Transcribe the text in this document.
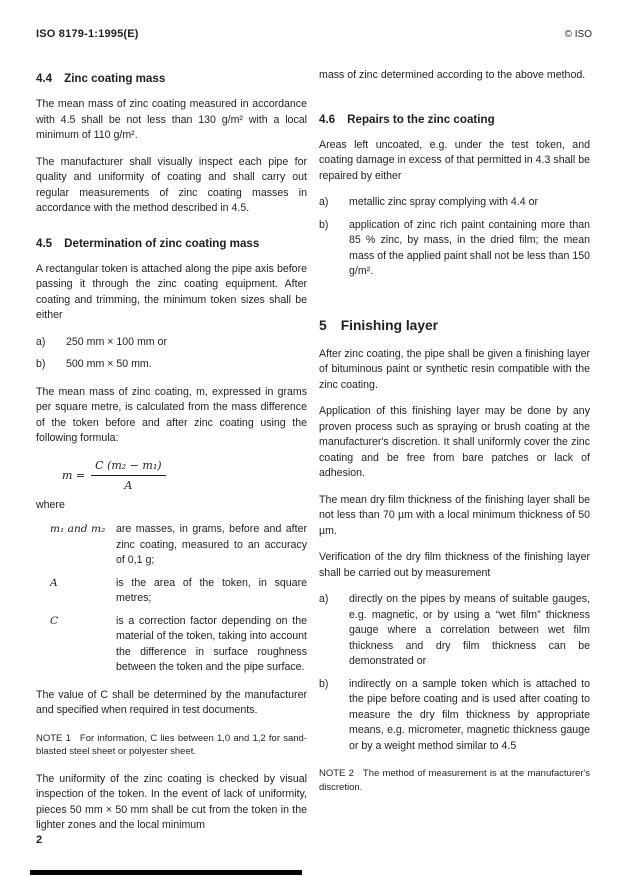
ISO 8179-1:1995(E)	© ISO
4.4 Zinc coating mass

The mean mass of zinc coating measured in accordance with 4.5 shall be not less than 130 g/m² with a local minimum of 110 g/m².

The manufacturer shall visually inspect each pipe for quality and uniformity of coating and shall carry out regular measurements of zinc coating masses in accordance with the method described in 4.5.

4.5 Determination of zinc coating mass

A rectangular token is attached along the pipe axis before passing it through the zinc coating equipment. After coating and trimming, the minimum token sizes shall be either

a) 250 mm × 100 mm or
b) 500 mm × 50 mm.

The mean mass of zinc coating, m, expressed in grams per square metre, is calculated from the mass difference of the token before and after zinc coating using the following formula:

$m = \frac{\text{C (m₂ − m₁)}}{A}$

where

m₁ and m₂	are masses, in grams, before and after zinc coating, measured to an accuracy of 0,1 g;
A	is the area of the token, in square metres;
C	is a correction factor depending on the material of the token, taking into account the difference in surface roughness between the token and the pipe surface.

The value of C shall be determined by the manufacturer and specified when required in test documents.

NOTE 1 For information, C lies between 1,0 and 1,2 for sand-blasted steel sheet or polyester sheet.

The uniformity of the zinc coating is checked by visual inspection of the token. In the event of lack of uniformity, pieces 50 mm × 50 mm shall be cut from the token in the lighter zones and the local minimum

mass of zinc determined according to the above method.

4.6 Repairs to the zinc coating

Areas left uncoated, e.g. under the test token, and coating damage in excess of that permitted in 4.3 shall be repaired by either

a) metallic zinc spray complying with 4.4 or
b) application of zinc rich paint containing more than 85 % zinc, by mass, in the dried film; the mean mass of the applied paint shall not be less than 150 g/m².
5 Finishing layer

After zinc coating, the pipe shall be given a finishing layer of bituminous paint or synthetic resin compatible with the zinc coating.

Application of this finishing layer may be done by any proven process such as spraying or brush coating at the manufacturer's discretion. It shall uniformly cover the zinc coating and be free from bare patches or lack of adhesion.

The mean dry film thickness of the finishing layer shall be not less than 70 µm with a local minimum thickness of 50 µm.

Verification of the dry film thickness of the finishing layer shall be carried out by measurement

a) directly on the pipes by means of suitable gauges, e.g. magnetic, or by using a “wet film” thickness gauge where a correlation between wet film thickness and dry film thickness can be demonstrated or
b) indirectly on a sample token which is attached to the pipe before coating and is used after coating to measure the dry film thickness by appropriate means, e.g. micrometer, magnetic thickness gauge or by a weight method similar to 4.5
NOTE 2 The method of measurement is at the manufacturer's discretion.
2
